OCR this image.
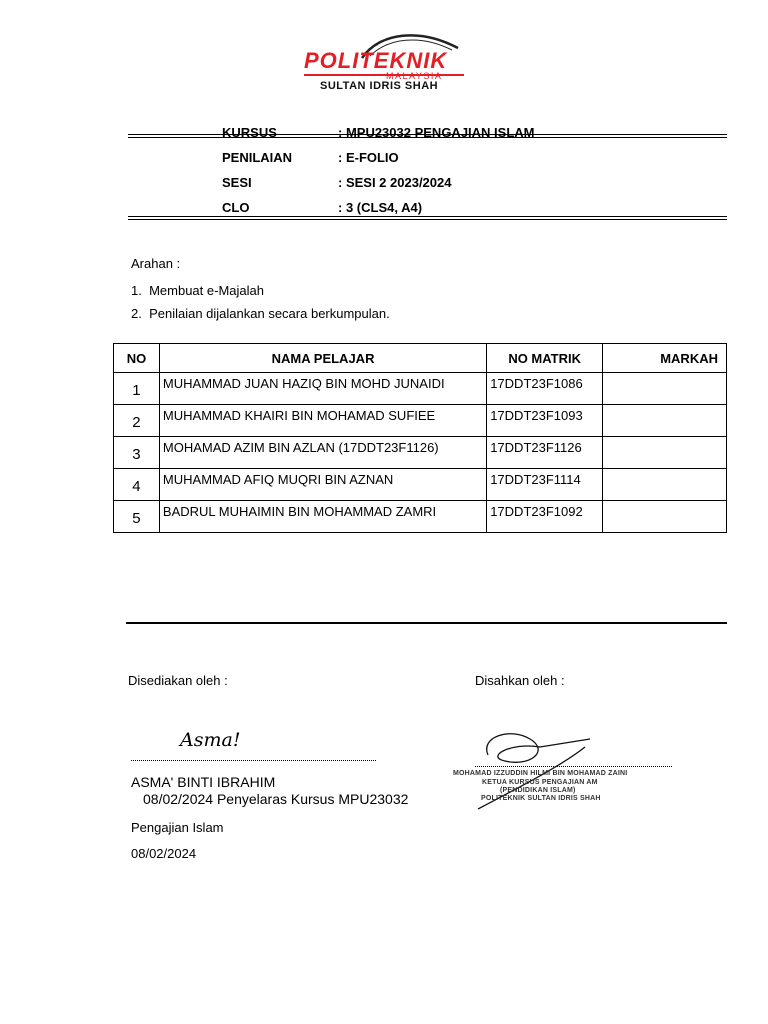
POLITEKNIK
MALAYSIA
SULTAN IDRIS SHAH
KURSUS	: MPU23032 PENGAJIAN ISLAM
PENILAIAN	: E-FOLIO
SESI	: SESI 2 2023/2024
CLO	: 3 (CLS4, A4)
Arahan :
1. Membuat e-Majalah
2. Penilaian dijalankan secara berkumpulan.
NO	NAMA PELAJAR	NO MATRIK	MARKAH
1	MUHAMMAD JUAN HAZIQ BIN MOHD JUNAIDI	17DDT23F1086	
2	MUHAMMAD KHAIRI BIN MOHAMAD SUFIEE	17DDT23F1093	
3	MOHAMAD AZIM BIN AZLAN (17DDT23F1126)	17DDT23F1126	
4	MUHAMMAD AFIQ MUQRI BIN AZNAN	17DDT23F1114	
5	BADRUL MUHAIMIN BIN MOHAMMAD ZAMRI	17DDT23F1092	
Disediakan oleh :	Disahkan oleh :
Asma!
ASMA' BINTI IBRAHIM
08/02/2024 Penyelaras Kursus MPU23032
Pengajian Islam
08/02/2024
MOHAMAD IZZUDDIN HILMI BIN MOHAMAD ZAINI
KETUA KURSUS PENGAJIAN AM
(PENDIDIKAN ISLAM)
POLITEKNIK SULTAN IDRIS SHAH
